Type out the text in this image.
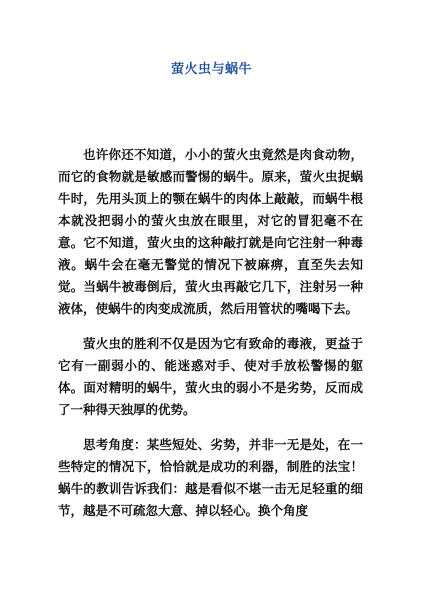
萤火虫与蜗牛

也许你还不知道，小小的萤火虫竟然是肉食动物，而它的食物就是敏感而警惕的蜗牛。原来，萤火虫捉蜗牛时，先用头顶上的颚在蜗牛的肉体上敲敲，而蜗牛根本就没把弱小的萤火虫放在眼里，对它的冒犯毫不在意。它不知道，萤火虫的这种敲打就是向它注射一种毒液。蜗牛会在毫无警觉的情况下被麻痹，直至失去知觉。当蜗牛被毒倒后，萤火虫再敲它几下，注射另一种液体，使蜗牛的肉变成流质，然后用管状的嘴喝下去。

萤火虫的胜利不仅是因为它有致命的毒液，更益于它有一副弱小的、能迷惑对手、使对手放松警惕的躯体。面对精明的蜗牛，萤火虫的弱小不是劣势，反而成了一种得天独厚的优势。

思考角度：某些短处、劣势，并非一无是处，在一些特定的情况下，恰恰就是成功的利器，制胜的法宝！蜗牛的教训告诉我们：越是看似不堪一击无足轻重的细节，越是不可疏忽大意、掉以轻心。换个角度
